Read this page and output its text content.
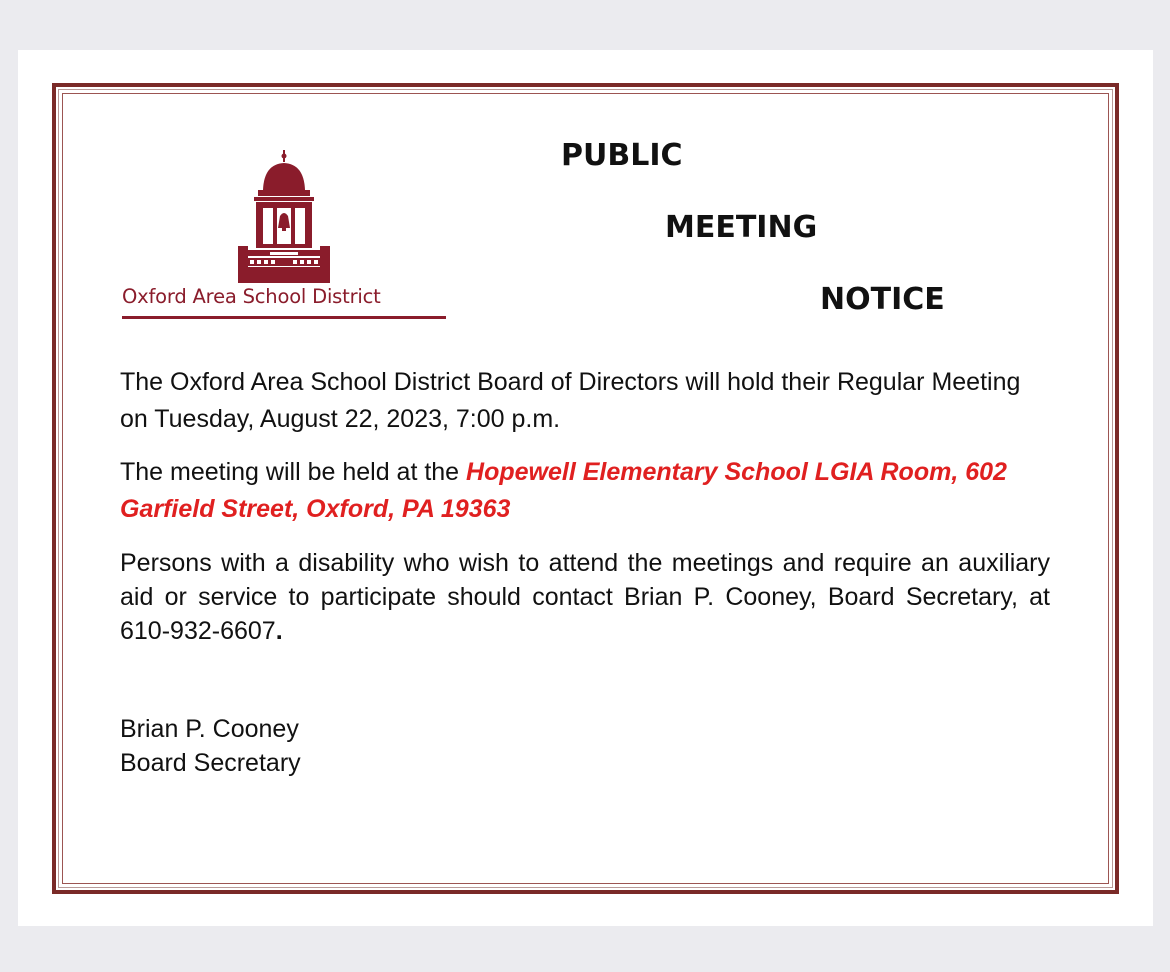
Oxford Area School District
PUBLIC
MEETING
NOTICE
The Oxford Area School District Board of Directors will hold their Regular Meeting on Tuesday, August 22, 2023, 7:00 p.m.
The meeting will be held at the Hopewell Elementary School LGIA Room, 602 Garfield Street, Oxford, PA 19363
Persons with a disability who wish to attend the meetings and require an auxiliary aid or service to participate should contact Brian P. Cooney, Board Secretary, at 610-932-6607.
Brian P. Cooney
Board Secretary
